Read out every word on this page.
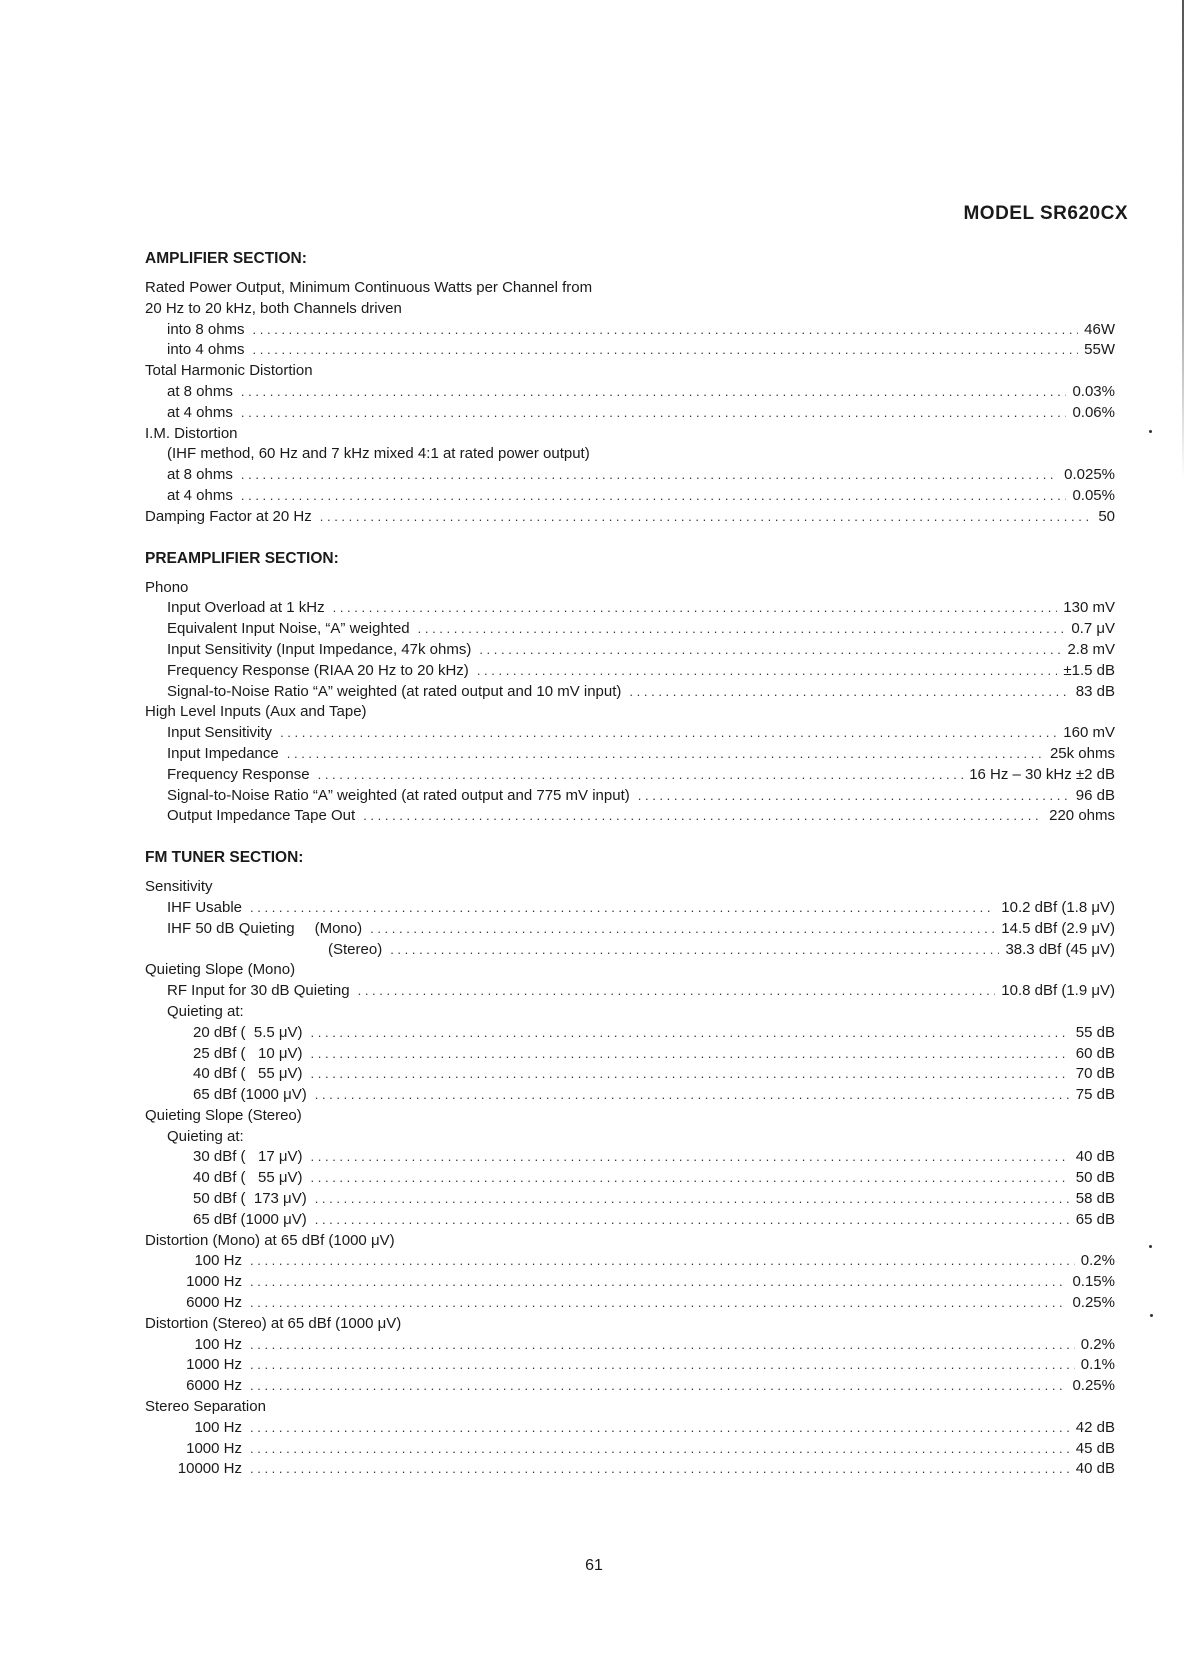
MODEL SR620CX
AMPLIFIER SECTION:
Rated Power Output, Minimum Continuous Watts per Channel from
20 Hz to 20 kHz, both Channels driven
into 8 ohms . . .	46W
into 4 ohms . . .	55W
Total Harmonic Distortion
at 8 ohms . . .	0.03%
at 4 ohms . . .	0.06%
I.M. Distortion
(IHF method, 60 Hz and 7 kHz mixed 4:1 at rated power output)
at 8 ohms . . .	0.025%
at 4 ohms . . .	0.05%
Damping Factor at 20 Hz . . .	50
PREAMPLIFIER SECTION:
Phono
Input Overload at 1 kHz . . .	130 mV
Equivalent Input Noise, “A” weighted . . .	0.7 μV
Input Sensitivity (Input Impedance, 47k ohms) . . .	2.8 mV
Frequency Response (RIAA 20 Hz to 20 kHz) . . .	±1.5 dB
Signal-to-Noise Ratio “A” weighted (at rated output and 10 mV input) . . .	83 dB
High Level Inputs (Aux and Tape)
Input Sensitivity . . .	160 mV
Input Impedance . . .	25k ohms
Frequency Response . . .	16 Hz – 30 kHz ±2 dB
Signal-to-Noise Ratio “A” weighted (at rated output and 775 mV input) . . .	96 dB
Output Impedance Tape Out . . .	220 ohms
FM TUNER SECTION:
Sensitivity
IHF Usable . . .	10.2 dBf (1.8 μV)
IHF 50 dB Quieting (Mono) . . .	14.5 dBf (2.9 μV)
(Stereo) . . .	38.3 dBf (45 μV)
Quieting Slope (Mono)
RF Input for 30 dB Quieting . . .	10.8 dBf (1.9 μV)
Quieting at:
20 dBf (  5.5 μV) . . .	55 dB
25 dBf (   10 μV) . . .	60 dB
40 dBf (   55 μV) . . .	70 dB
65 dBf (1000 μV) . . .	75 dB
Quieting Slope (Stereo)
Quieting at:
30 dBf (   17 μV) . . .	40 dB
40 dBf (   55 μV) . . .	50 dB
50 dBf (  173 μV) . . .	58 dB
65 dBf (1000 μV) . . .	65 dB
Distortion (Mono) at 65 dBf (1000 μV)
100 Hz . . .	0.2%
1000 Hz . . .	0.15%
6000 Hz . . .	0.25%
Distortion (Stereo) at 65 dBf (1000 μV)
100 Hz . . .	0.2%
1000 Hz . . .	0.1%
6000 Hz . . .	0.25%
Stereo Separation
100 Hz . . .	42 dB
1000 Hz . . .	45 dB
10000 Hz . . .	40 dB
61
